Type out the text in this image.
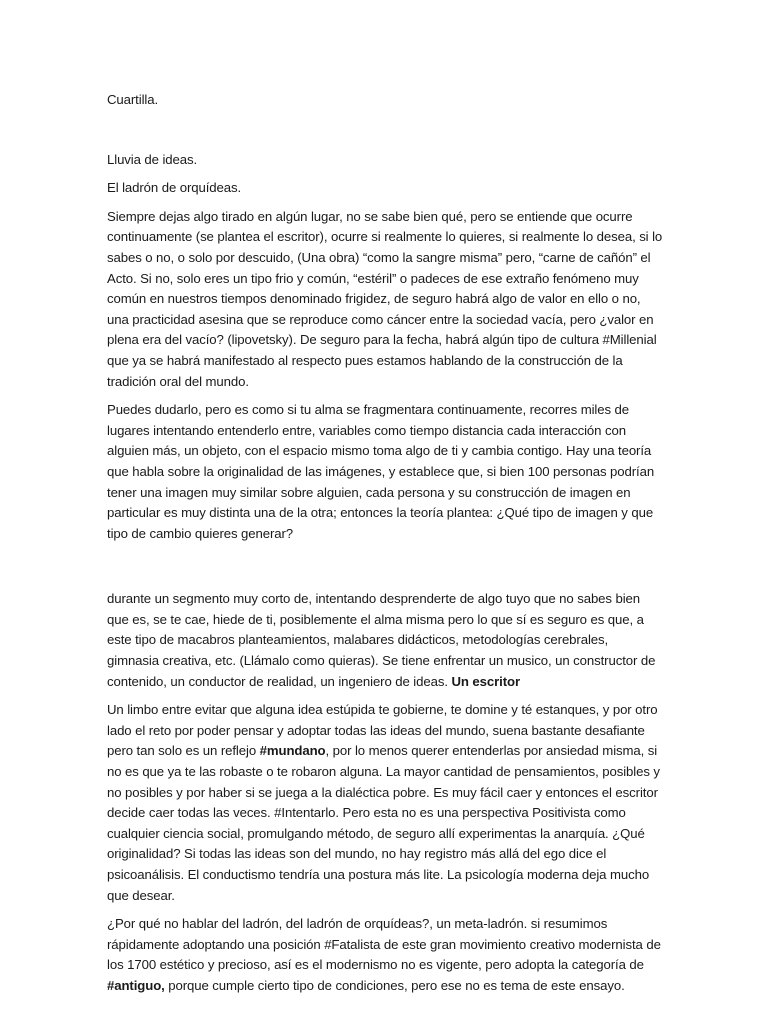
Cuartilla.

Lluvia de ideas.

El ladrón de orquídeas.

Siempre dejas algo tirado en algún lugar, no se sabe bien qué, pero se entiende que ocurre continuamente (se plantea el escritor), ocurre si realmente lo quieres, si realmente lo desea, si lo sabes o no, o solo por descuido, (Una obra) “como la sangre misma” pero, “carne de cañón” el Acto. Si no, solo eres un tipo frio y común, “estéril” o padeces de ese extraño fenómeno muy común en nuestros tiempos denominado frigidez, de seguro habrá algo de valor en ello o no, una practicidad asesina que se reproduce como cáncer entre la sociedad vacía, pero ¿valor en plena era del vacío? (lipovetsky). De seguro para la fecha, habrá algún tipo de cultura #Millenial que ya se habrá manifestado al respecto pues estamos hablando de la construcción de la tradición oral del mundo.

Puedes dudarlo, pero es como si tu alma se fragmentara continuamente, recorres miles de lugares intentando entenderlo entre, variables como tiempo distancia cada interacción con alguien más, un objeto, con el espacio mismo toma algo de ti y cambia contigo. Hay una teoría que habla sobre la originalidad de las imágenes, y establece que, si bien 100 personas podrían tener una imagen muy similar sobre alguien, cada persona y su construcción de imagen en particular es muy distinta una de la otra; entonces la teoría plantea: ¿Qué tipo de imagen y que tipo de cambio quieres generar?

durante un segmento muy corto de, intentando desprenderte de algo tuyo que no sabes bien que es, se te cae, hiede de ti, posiblemente el alma misma pero lo que sí es seguro es que, a este tipo de macabros planteamientos, malabares didácticos, metodologías cerebrales, gimnasia creativa, etc. (Llámalo como quieras). Se tiene enfrentar un musico, un constructor de contenido, un conductor de realidad, un ingeniero de ideas. Un escritor

Un limbo entre evitar que alguna idea estúpida te gobierne, te domine y té estanques, y por otro lado el reto por poder pensar y adoptar todas las ideas del mundo, suena bastante desafiante pero tan solo es un reflejo #mundano, por lo menos querer entenderlas por ansiedad misma, si no es que ya te las robaste o te robaron alguna. La mayor cantidad de pensamientos, posibles y no posibles y por haber si se juega a la dialéctica pobre. Es muy fácil caer y entonces el escritor decide caer todas las veces. #Intentarlo. Pero esta no es una perspectiva Positivista como cualquier ciencia social, promulgando método, de seguro allí experimentas la anarquía. ¿Qué originalidad? Si todas las ideas son del mundo, no hay registro más allá del ego dice el psicoanálisis. El conductismo tendría una postura más lite. La psicología moderna deja mucho que desear.

¿Por qué no hablar del ladrón, del ladrón de orquídeas?, un meta-ladrón. si resumimos rápidamente adoptando una posición #Fatalista de este gran movimiento creativo modernista de los 1700 estético y precioso, así es el modernismo no es vigente, pero adopta la categoría de #antiguo, porque cumple cierto tipo de condiciones, pero ese no es tema de este ensayo.
